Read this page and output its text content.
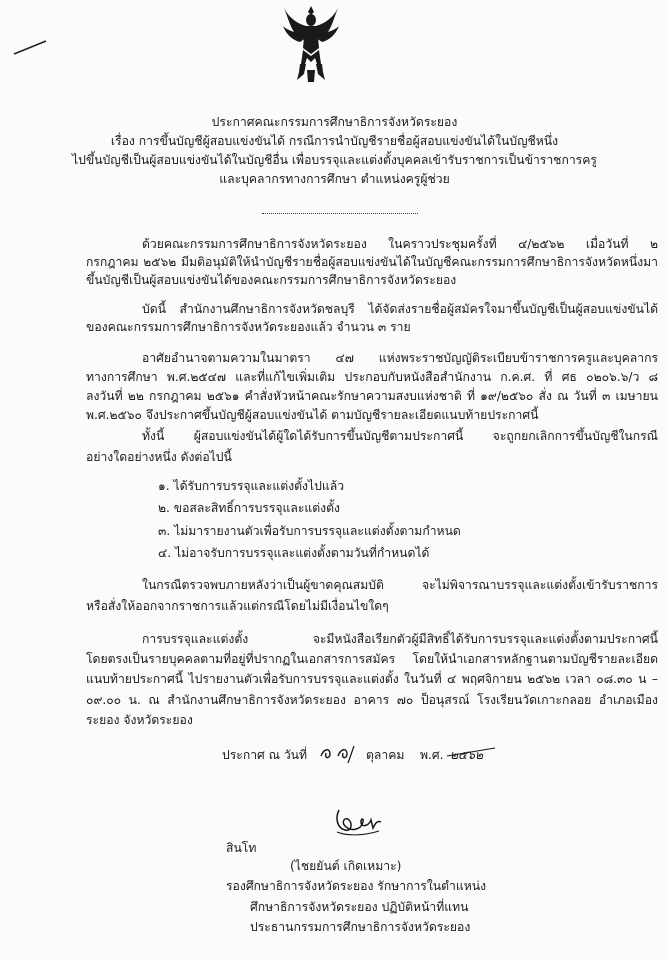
ประกาศคณะกรรมการศึกษาธิการจังหวัดระยอง
เรื่อง การขึ้นบัญชีผู้สอบแข่งขันได้ กรณีการนำบัญชีรายชื่อผู้สอบแข่งขันได้ในบัญชีหนึ่ง
ไปขึ้นบัญชีเป็นผู้สอบแข่งขันได้ในบัญชีอื่น เพื่อบรรจุและแต่งตั้งบุคคลเข้ารับราชการเป็นข้าราชการครู
และบุคลากรทางการศึกษา ตำแหน่งครูผู้ช่วย
ด้วยคณะกรรมการศึกษาธิการจังหวัดระยอง ในคราวประชุมครั้งที่ ๔/๒๕๖๒ เมื่อวันที่ ๒
กรกฎาคม ๒๕๖๒ มีมติอนุมัติให้นำบัญชีรายชื่อผู้สอบแข่งขันได้ในบัญชีคณะกรรมการศึกษาธิการจังหวัดหนึ่งมา
ขึ้นบัญชีเป็นผู้สอบแข่งขันได้ของคณะกรรมการศึกษาธิการจังหวัดระยอง
บัดนี้ สำนักงานศึกษาธิการจังหวัดชลบุรี ได้จัดส่งรายชื่อผู้สมัครใจมาขึ้นบัญชีเป็นผู้สอบแข่งขันได้
ของคณะกรรมการศึกษาธิการจังหวัดระยองแล้ว จำนวน ๓ ราย
อาศัยอำนาจตามความในมาตรา ๔๗ แห่งพระราชบัญญัติระเบียบข้าราชการครูและบุคลากร
ทางการศึกษา พ.ศ.๒๕๔๗ และที่แก้ไขเพิ่มเติม ประกอบกับหนังสือสำนักงาน ก.ค.ศ. ที่ ศธ ๐๒๐๖.๖/ว ๘
ลงวันที่ ๒๒ กรกฎาคม ๒๕๖๑ คำสั่งหัวหน้าคณะรักษาความสงบแห่งชาติ ที่ ๑๙/๒๕๖๐ สั่ง ณ วันที่ ๓ เมษายน
พ.ศ.๒๕๖๐ จึงประกาศขึ้นบัญชีผู้สอบแข่งขันได้ ตามบัญชีรายละเอียดแนบท้ายประกาศนี้
ทั้งนี้ ผู้สอบแข่งขันได้ผู้ใดได้รับการขึ้นบัญชีตามประกาศนี้ จะถูกยกเลิกการขึ้นบัญชีในกรณี
อย่างใดอย่างหนึ่ง ดังต่อไปนี้
๑. ได้รับการบรรจุและแต่งตั้งไปแล้ว
๒. ขอสละสิทธิ์การบรรจุและแต่งตั้ง
๓. ไม่มารายงานตัวเพื่อรับการบรรจุและแต่งตั้งตามกำหนด
๔. ไม่อาจรับการบรรจุและแต่งตั้งตามวันที่กำหนดได้
ในกรณีตรวจพบภายหลังว่าเป็นผู้ขาดคุณสมบัติ จะไม่พิจารณาบรรจุและแต่งตั้งเข้ารับราชการ
หรือสั่งให้ออกจากราชการแล้วแต่กรณีโดยไม่มีเงื่อนไขใดๆ
การบรรจุและแต่งตั้ง จะมีหนังสือเรียกตัวผู้มีสิทธิ์ได้รับการบรรจุและแต่งตั้งตามประกาศนี้
โดยตรงเป็นรายบุคคลตามที่อยู่ที่ปรากฏในเอกสารการสมัคร โดยให้นำเอกสารหลักฐานตามบัญชีรายละเอียด
แนบท้ายประกาศนี้ ไปรายงานตัวเพื่อรับการบรรจุและแต่งตั้ง ในวันที่ ๔ พฤศจิกายน ๒๕๖๒ เวลา ๐๘.๓๐ น –
๐๙.๐๐ น. ณ สำนักงานศึกษาธิการจังหวัดระยอง อาคาร ๗๐ ป็อนุสรณ์ โรงเรียนวัดเกาะกลอย อำเภอเมือง
ระยอง จังหวัดระยอง
ประกาศ ณ วันที่	ตุลาคม พ.ศ. ๒๕๖๒
สินโท
(ไชยยันต์ เกิดเหมาะ)
รองศึกษาธิการจังหวัดระยอง รักษาการในตำแหน่ง
ศึกษาธิการจังหวัดระยอง ปฏิบัติหน้าที่แทน
ประธานกรรมการศึกษาธิการจังหวัดระยอง
